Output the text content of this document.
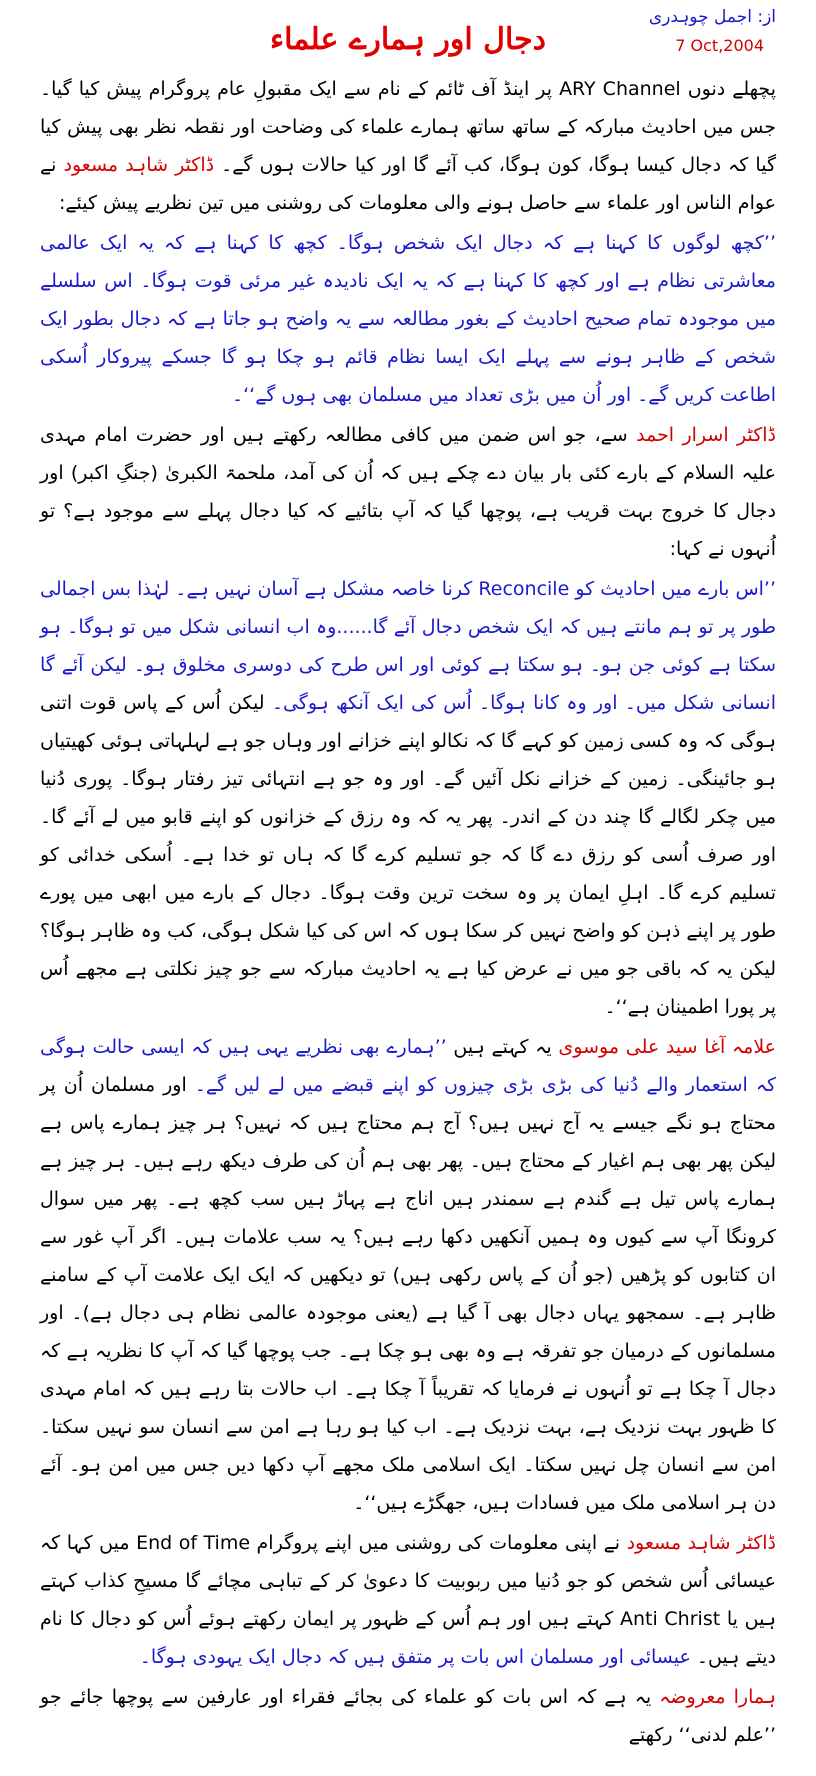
از: اجمل چوہدری
7 Oct,2004
دجال اور ہمارے علماء

پچھلے دنوں ARY Channel پر اینڈ آف ٹائم کے نام سے ایک مقبولِ عام پروگرام پیش کیا گیا۔ جس میں احادیث مبارکہ کے ساتھ ساتھ ہمارے علماء کی وضاحت اور نقطہ نظر بھی پیش کیا گیا کہ دجال کیسا ہوگا، کون ہوگا، کب آئے گا اور کیا حالات ہوں گے۔ ڈاکٹر شاہد مسعود نے عوام الناس اور علماء سے حاصل ہونے والی معلومات کی روشنی میں تین نظریے پیش کیئے:

’’کچھ لوگوں کا کہنا ہے کہ دجال ایک شخص ہوگا۔ کچھ کا کہنا ہے کہ یہ ایک عالمی معاشرتی نظام ہے اور کچھ کا کہنا ہے کہ یہ ایک نادیدہ غیر مرئی قوت ہوگا۔ اس سلسلے میں موجودہ تمام صحیح احادیث کے بغور مطالعہ سے یہ واضح ہو جاتا ہے کہ دجال بطور ایک شخص کے ظاہر ہونے سے پہلے ایک ایسا نظام قائم ہو چکا ہو گا جسکے پیروکار اُسکی اطاعت کریں گے۔ اور اُن میں بڑی تعداد میں مسلمان بھی ہوں گے‘‘۔

ڈاکٹر اسرار احمد سے، جو اس ضمن میں کافی مطالعہ رکھتے ہیں اور حضرت امام مہدی علیہ السلام کے بارے کئی بار بیان دے چکے ہیں کہ اُن کی آمد، ملحمۃ الکبریٰ (جنگِ اکبر) اور دجال کا خروج بہت قریب ہے، پوچھا گیا کہ آپ بتائیے کہ کیا دجال پہلے سے موجود ہے؟ تو اُنہوں نے کہا:

’’اس بارے میں احادیث کو Reconcile کرنا خاصہ مشکل ہے آسان نہیں ہے۔ لہٰذا بس اجمالی طور پر تو ہم مانتے ہیں کہ ایک شخص دجال آئے گا......وہ اب انسانی شکل میں تو ہوگا۔ ہو سکتا ہے کوئی جن ہو۔ ہو سکتا ہے کوئی اور اس طرح کی دوسری مخلوق ہو۔ لیکن آئے گا انسانی شکل میں۔ اور وہ کانا ہوگا۔ اُس کی ایک آنکھ ہوگی۔ لیکن اُس کے پاس قوت اتنی ہوگی کہ وہ کسی زمین کو کہے گا کہ نکالو اپنے خزانے اور وہاں جو ہے لہلہاتی ہوئی کھیتیاں ہو جائینگی۔ زمین کے خزانے نکل آئیں گے۔ اور وہ جو ہے انتہائی تیز رفتار ہوگا۔ پوری دُنیا میں چکر لگالے گا چند دن کے اندر۔ پھر یہ کہ وہ رزق کے خزانوں کو اپنے قابو میں لے آئے گا۔ اور صرف اُسی کو رزق دے گا کہ جو تسلیم کرے گا کہ ہاں تو خدا ہے۔ اُسکی خدائی کو تسلیم کرے گا۔ اہلِ ایمان پر وہ سخت ترین وقت ہوگا۔ دجال کے بارے میں ابھی میں پورے طور پر اپنے ذہن کو واضح نہیں کر سکا ہوں کہ اس کی کیا شکل ہوگی، کب وہ ظاہر ہوگا؟ لیکن یہ کہ باقی جو میں نے عرض کیا ہے یہ احادیث مبارکہ سے جو چیز نکلتی ہے مجھے اُس پر پورا اطمینان ہے‘‘۔

علامہ آغا سید علی موسوی یہ کہتے ہیں ’’ہمارے بھی نظریے یہی ہیں کہ ایسی حالت ہوگی کہ استعمار والے دُنیا کی بڑی بڑی چیزوں کو اپنے قبضے میں لے لیں گے۔ اور مسلمان اُن پر محتاج ہو نگے جیسے یہ آج نہیں ہیں؟ آج ہم محتاج ہیں کہ نہیں؟ ہر چیز ہمارے پاس ہے لیکن پھر بھی ہم اغیار کے محتاج ہیں۔ پھر بھی ہم اُن کی طرف دیکھ رہے ہیں۔ ہر چیز ہے ہمارے پاس تیل ہے گندم ہے سمندر ہیں اناج ہے پہاڑ ہیں سب کچھ ہے۔ پھر میں سوال کرونگا آپ سے کیوں وہ ہمیں آنکھیں دکھا رہے ہیں؟ یہ سب علامات ہیں۔ اگر آپ غور سے ان کتابوں کو پڑھیں (جو اُن کے پاس رکھی ہیں) تو دیکھیں کہ ایک ایک علامت آپ کے سامنے ظاہر ہے۔ سمجھو یہاں دجال بھی آ گیا ہے (یعنی موجودہ عالمی نظام ہی دجال ہے)۔ اور مسلمانوں کے درمیان جو تفرقہ ہے وہ بھی ہو چکا ہے۔ جب پوچھا گیا کہ آپ کا نظریہ ہے کہ دجال آ چکا ہے تو اُنہوں نے فرمایا کہ تقریباً آ چکا ہے۔ اب حالات بتا رہے ہیں کہ امام مہدی کا ظہور بہت نزدیک ہے، بہت نزدیک ہے۔ اب کیا ہو رہا ہے امن سے انسان سو نہیں سکتا۔ امن سے انسان چل نہیں سکتا۔ ایک اسلامی ملک مجھے آپ دکھا دیں جس میں امن ہو۔ آئے دن ہر اسلامی ملک میں فسادات ہیں، جھگڑے ہیں‘‘۔

ڈاکٹر شاہد مسعود نے اپنی معلومات کی روشنی میں اپنے پروگرام End of Time میں کہا کہ عیسائی اُس شخص کو جو دُنیا میں ربوبیت کا دعویٰ کر کے تباہی مچائے گا مسیحِ کذاب کہتے ہیں یا Anti Christ کہتے ہیں اور ہم اُس کے ظہور پر ایمان رکھتے ہوئے اُس کو دجال کا نام دیتے ہیں۔ عیسائی اور مسلمان اس بات پر متفق ہیں کہ دجال ایک یہودی ہوگا۔

ہمارا معروضہ یہ ہے کہ اس بات کو علماء کی بجائے فقراء اور عارفین سے پوچھا جائے جو ’’علم لدنی‘‘ رکھتے
